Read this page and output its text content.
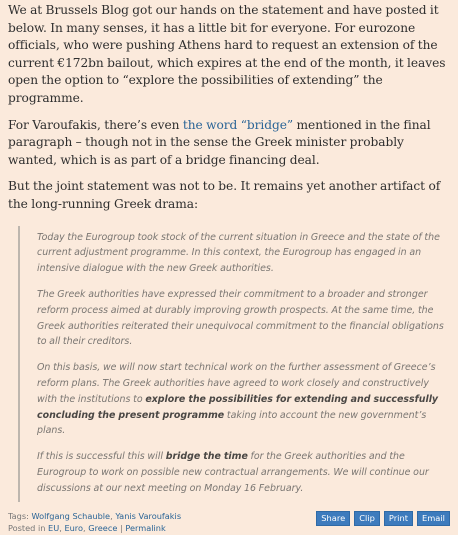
We at Brussels Blog got our hands on the statement and have posted it below. In many senses, it has a little bit for everyone. For eurozone officials, who were pushing Athens hard to request an extension of the current €172bn bailout, which expires at the end of the month, it leaves open the option to “explore the possibilities of extending” the programme.

For Varoufakis, there’s even the word “bridge” mentioned in the final paragraph – though not in the sense the Greek minister probably wanted, which is as part of a bridge financing deal.

But the joint statement was not to be. It remains yet another artifact of the long-running Greek drama:

Today the Eurogroup took stock of the current situation in Greece and the state of the current adjustment programme. In this context, the Eurogroup has engaged in an intensive dialogue with the new Greek authorities.

The Greek authorities have expressed their commitment to a broader and stronger reform process aimed at durably improving growth prospects. At the same time, the Greek authorities reiterated their unequivocal commitment to the financial obligations to all their creditors.

On this basis, we will now start technical work on the further assessment of Greece’s reform plans. The Greek authorities have agreed to work closely and constructively with the institutions to explore the possibilities for extending and successfully concluding the present programme taking into account the new government’s plans.

If this is successful this will bridge the time for the Greek authorities and the Eurogroup to work on possible new contractual arrangements. We will continue our discussions at our next meeting on Monday 16 February.

Tags: Wolfgang Schauble, Yanis Varoufakis
Posted in EU, Euro, Greece | Permalink
Share	Clip	Print	Email
